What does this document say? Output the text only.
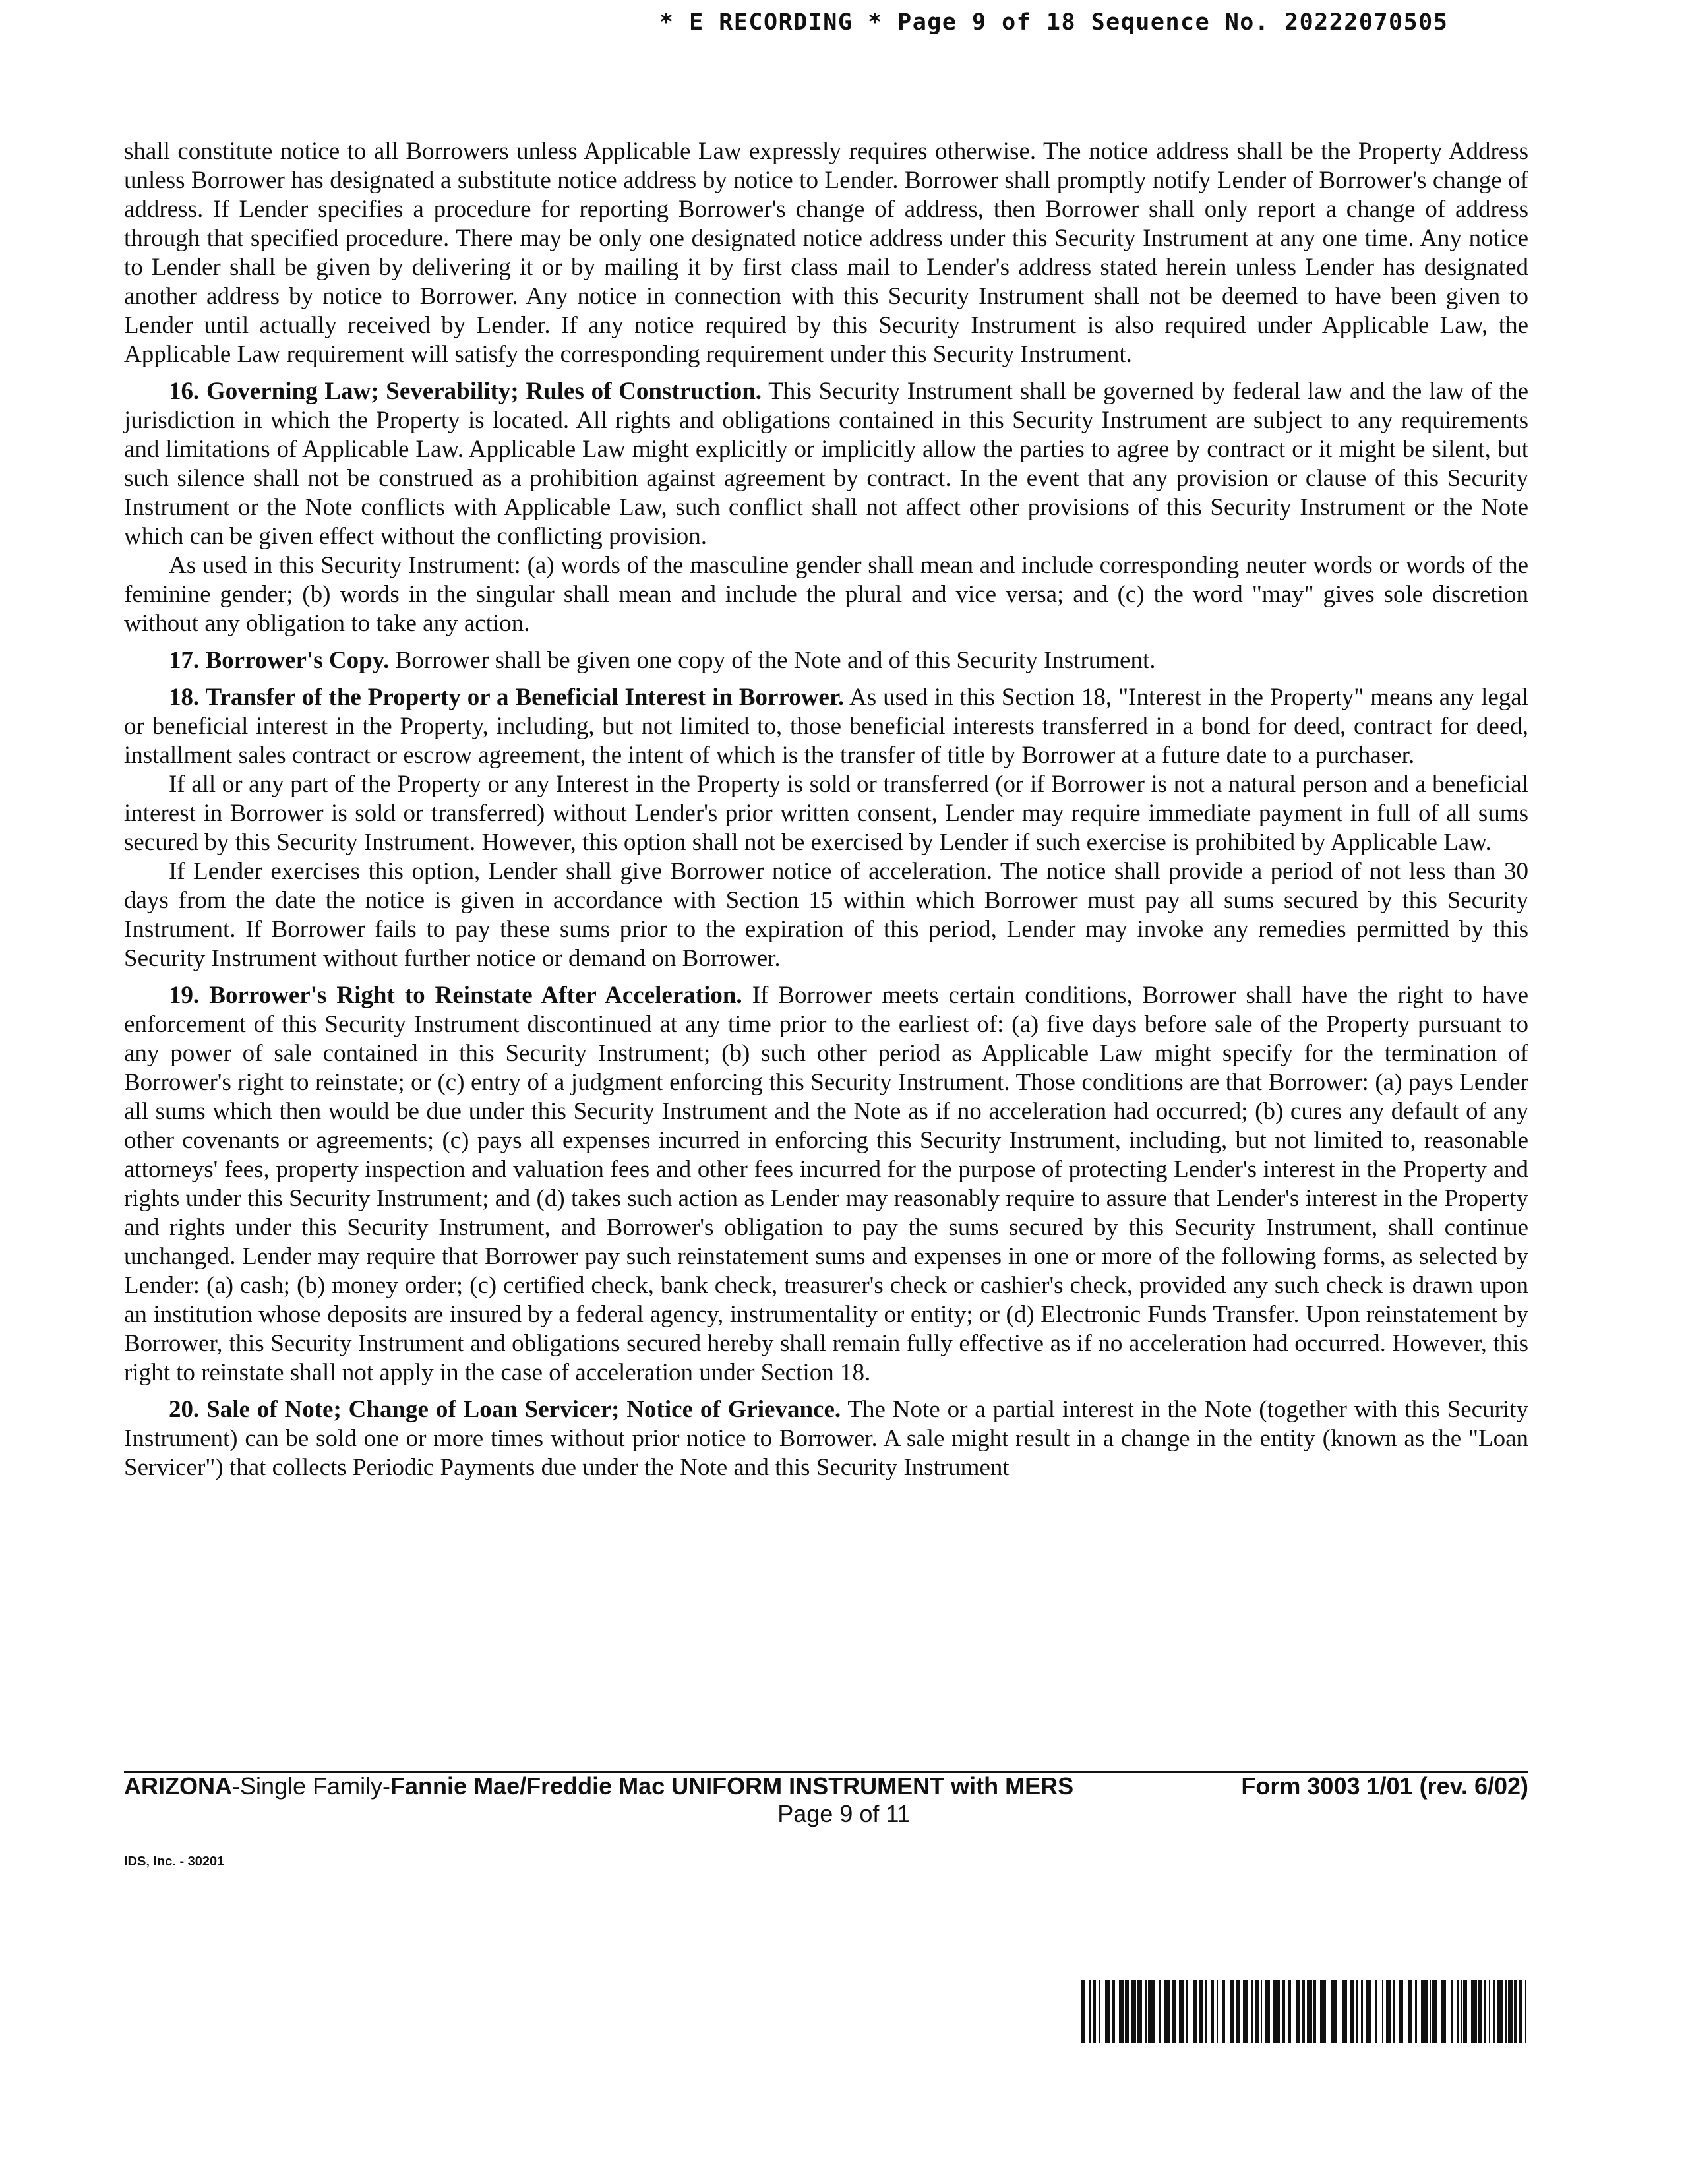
* E RECORDING * Page 9 of 18 Sequence No. 20222070505

shall constitute notice to all Borrowers unless Applicable Law expressly requires otherwise. The notice address shall be the Property Address unless Borrower has designated a substitute notice address by notice to Lender. Borrower shall promptly notify Lender of Borrower's change of address. If Lender specifies a procedure for reporting Borrower's change of address, then Borrower shall only report a change of address through that specified procedure. There may be only one designated notice address under this Security Instrument at any one time. Any notice to Lender shall be given by delivering it or by mailing it by first class mail to Lender's address stated herein unless Lender has designated another address by notice to Borrower. Any notice in connection with this Security Instrument shall not be deemed to have been given to Lender until actually received by Lender. If any notice required by this Security Instrument is also required under Applicable Law, the Applicable Law requirement will satisfy the corresponding requirement under this Security Instrument.

16. Governing Law; Severability; Rules of Construction. This Security Instrument shall be governed by federal law and the law of the jurisdiction in which the Property is located. All rights and obligations contained in this Security Instrument are subject to any requirements and limitations of Applicable Law. Applicable Law might explicitly or implicitly allow the parties to agree by contract or it might be silent, but such silence shall not be construed as a prohibition against agreement by contract. In the event that any provision or clause of this Security Instrument or the Note conflicts with Applicable Law, such conflict shall not affect other provisions of this Security Instrument or the Note which can be given effect without the conflicting provision.

As used in this Security Instrument: (a) words of the masculine gender shall mean and include corresponding neuter words or words of the feminine gender; (b) words in the singular shall mean and include the plural and vice versa; and (c) the word "may" gives sole discretion without any obligation to take any action.

17. Borrower's Copy. Borrower shall be given one copy of the Note and of this Security Instrument.

18. Transfer of the Property or a Beneficial Interest in Borrower. As used in this Section 18, "Interest in the Property" means any legal or beneficial interest in the Property, including, but not limited to, those beneficial interests transferred in a bond for deed, contract for deed, installment sales contract or escrow agreement, the intent of which is the transfer of title by Borrower at a future date to a purchaser.

If all or any part of the Property or any Interest in the Property is sold or transferred (or if Borrower is not a natural person and a beneficial interest in Borrower is sold or transferred) without Lender's prior written consent, Lender may require immediate payment in full of all sums secured by this Security Instrument. However, this option shall not be exercised by Lender if such exercise is prohibited by Applicable Law.

If Lender exercises this option, Lender shall give Borrower notice of acceleration. The notice shall provide a period of not less than 30 days from the date the notice is given in accordance with Section 15 within which Borrower must pay all sums secured by this Security Instrument. If Borrower fails to pay these sums prior to the expiration of this period, Lender may invoke any remedies permitted by this Security Instrument without further notice or demand on Borrower.

19. Borrower's Right to Reinstate After Acceleration. If Borrower meets certain conditions, Borrower shall have the right to have enforcement of this Security Instrument discontinued at any time prior to the earliest of: (a) five days before sale of the Property pursuant to any power of sale contained in this Security Instrument; (b) such other period as Applicable Law might specify for the termination of Borrower's right to reinstate; or (c) entry of a judgment enforcing this Security Instrument. Those conditions are that Borrower: (a) pays Lender all sums which then would be due under this Security Instrument and the Note as if no acceleration had occurred; (b) cures any default of any other covenants or agreements; (c) pays all expenses incurred in enforcing this Security Instrument, including, but not limited to, reasonable attorneys' fees, property inspection and valuation fees and other fees incurred for the purpose of protecting Lender's interest in the Property and rights under this Security Instrument; and (d) takes such action as Lender may reasonably require to assure that Lender's interest in the Property and rights under this Security Instrument, and Borrower's obligation to pay the sums secured by this Security Instrument, shall continue unchanged. Lender may require that Borrower pay such reinstatement sums and expenses in one or more of the following forms, as selected by Lender: (a) cash; (b) money order; (c) certified check, bank check, treasurer's check or cashier's check, provided any such check is drawn upon an institution whose deposits are insured by a federal agency, instrumentality or entity; or (d) Electronic Funds Transfer. Upon reinstatement by Borrower, this Security Instrument and obligations secured hereby shall remain fully effective as if no acceleration had occurred. However, this right to reinstate shall not apply in the case of acceleration under Section 18.

20. Sale of Note; Change of Loan Servicer; Notice of Grievance. The Note or a partial interest in the Note (together with this Security Instrument) can be sold one or more times without prior notice to Borrower. A sale might result in a change in the entity (known as the "Loan Servicer") that collects Periodic Payments due under the Note and this Security Instrument

ARIZONA-Single Family-Fannie Mae/Freddie Mac UNIFORM INSTRUMENT with MERS	Form 3003 1/01 (rev. 6/02)
Page 9 of 11
IDS, Inc. - 30201
